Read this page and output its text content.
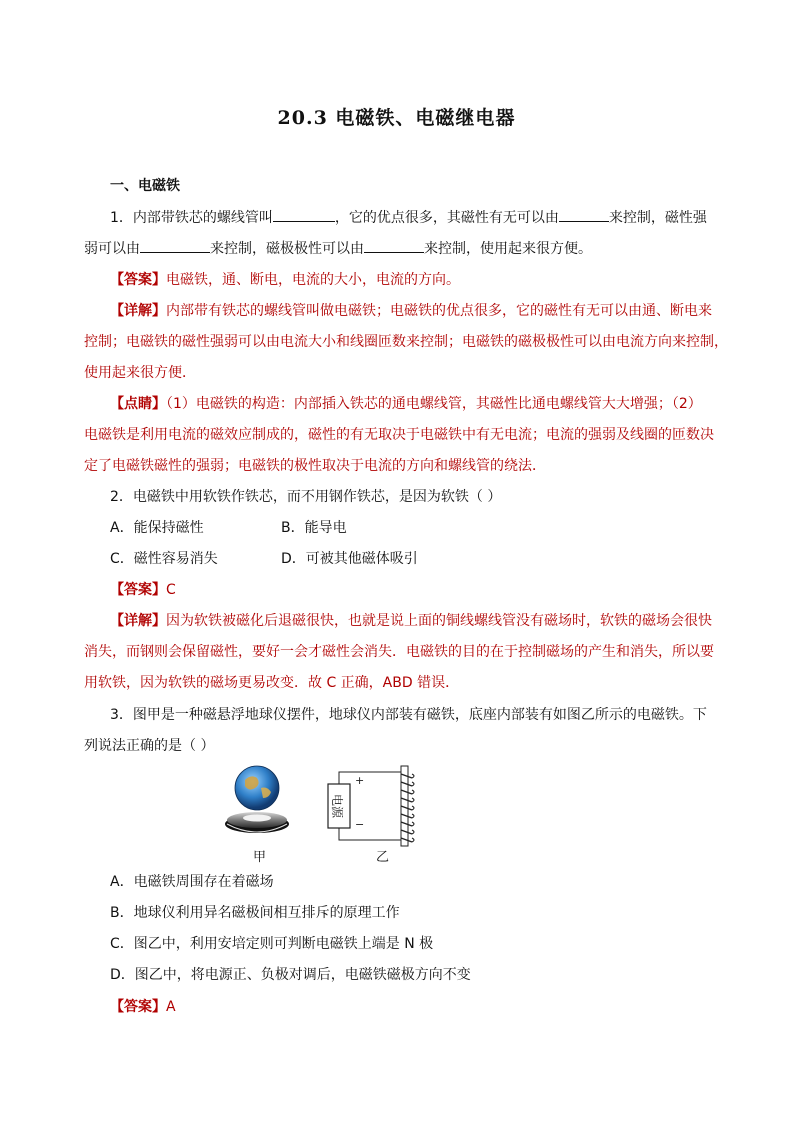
20.3 电磁铁、电磁继电器
一、电磁铁
1．内部带铁芯的螺线管叫	，它的优点很多，其磁性有无可以由	来控制，磁性强
弱可以由	来控制，磁极极性可以由	来控制，使用起来很方便。
【答案】电磁铁，通、断电，电流的大小，电流的方向。
【详解】内部带有铁芯的螺线管叫做电磁铁；电磁铁的优点很多，它的磁性有无可以由通、断电来
控制；电磁铁的磁性强弱可以由电流大小和线圈匝数来控制；电磁铁的磁极极性可以由电流方向来控制，
使用起来很方便．
【点睛】（1）电磁铁的构造：内部插入铁芯的通电螺线管，其磁性比通电螺线管大大增强；（2）
电磁铁是利用电流的磁效应制成的，磁性的有无取决于电磁铁中有无电流；电流的强弱及线圈的匝数决
定了电磁铁磁性的强弱；电磁铁的极性取决于电流的方向和螺线管的绕法．
2．电磁铁中用软铁作铁芯，而不用钢作铁芯，是因为软铁（ ）
A．能保持磁性	B．能导电
C．磁性容易消失	D．可被其他磁体吸引
【答案】C
【详解】因为软铁被磁化后退磁很快，也就是说上面的铜线螺线管没有磁场时，软铁的磁场会很快
消失，而钢则会保留磁性，要好一会才磁性会消失．电磁铁的目的在于控制磁场的产生和消失，所以要
用软铁，因为软铁的磁场更易改变．故 C 正确，ABD 错误．
3．图甲是一种磁悬浮地球仪摆件，地球仪内部装有磁铁，底座内部装有如图乙所示的电磁铁。下
列说法正确的是（ ）
电源
+
−
甲	乙
A．电磁铁周围存在着磁场
B．地球仪利用异名磁极间相互排斥的原理工作
C．图乙中，利用安培定则可判断电磁铁上端是 N 极
D．图乙中，将电源正、负极对调后，电磁铁磁极方向不变
【答案】A
